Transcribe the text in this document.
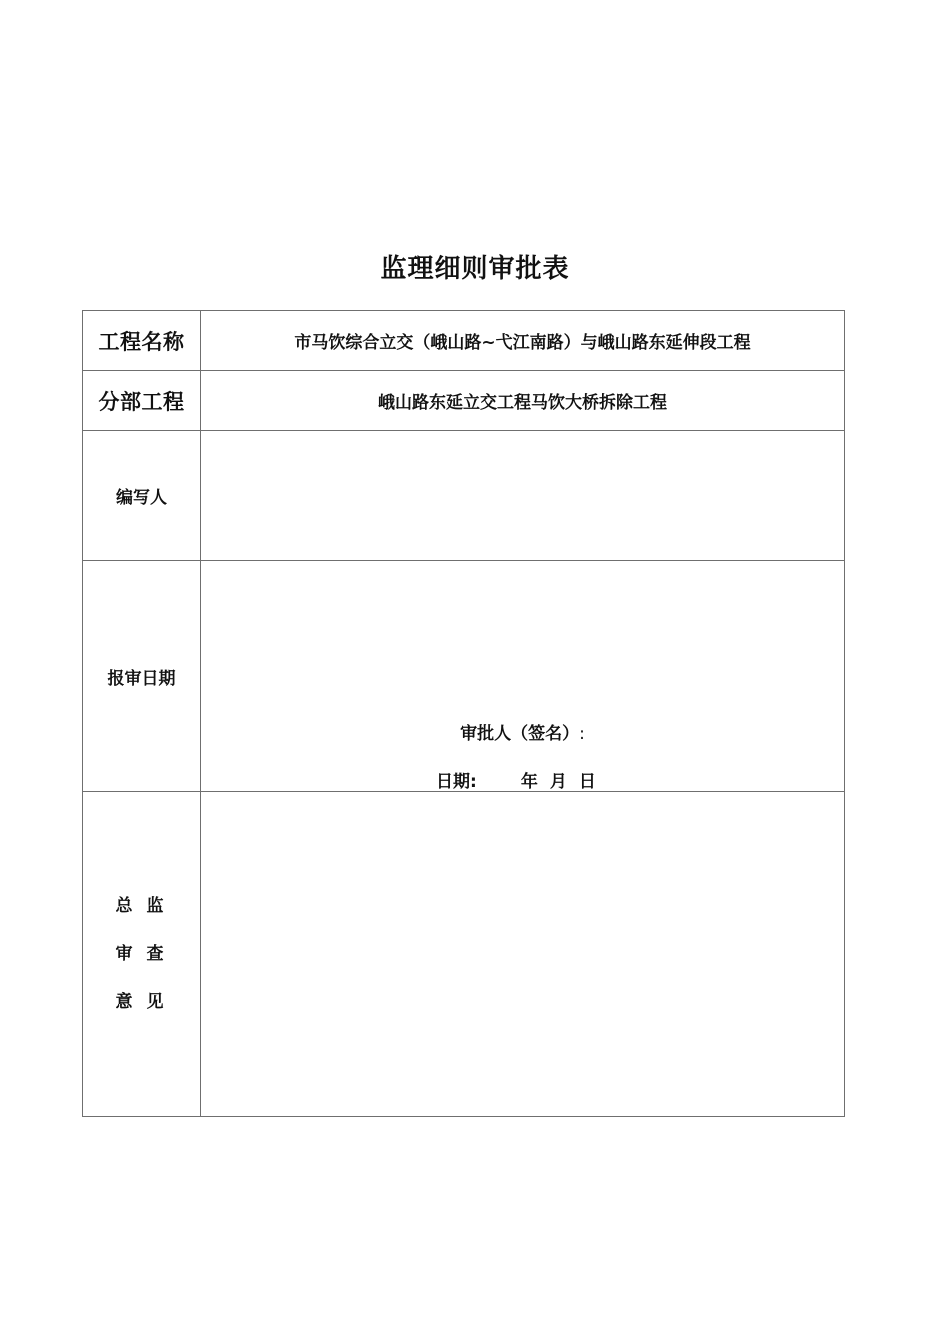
监理细则审批表
工程名称	市马饮综合立交（峨山路~弋江南路）与峨山路东延伸段工程
分部工程	峨山路东延立交工程马饮大桥拆除工程
编写人	
报审日期	审批人（签名）:
日期: 年 月 日

总 监
审 查
意 见	
